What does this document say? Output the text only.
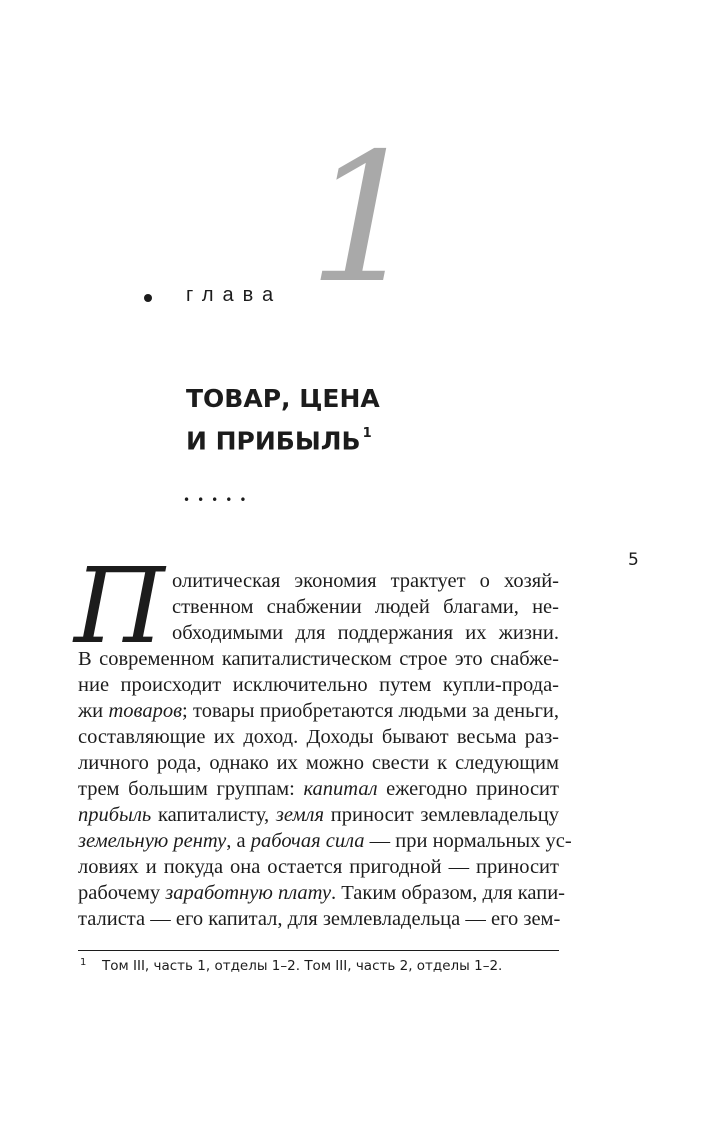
1
глава
ТОВАР, ЦЕНА
И ПРИБЫЛЬ $^1$
•••••
5
П олитическая экономия трактует о хозяй-
ственном снабжении людей благами, не-
обходимыми для поддержания их жизни.
В современном капиталистическом строе это снабже-
ние происходит исключительно путем купли-прода-
жи товаров; товары приобретаются людьми за деньги,
составляющие их доход. Доходы бывают весьма раз-
личного рода, однако их можно свести к следующим
трем большим группам: капитал ежегодно приносит
прибыль капиталисту, земля приносит землевладельцу
земельную ренту, а рабочая сила — при нормальных ус-
ловиях и покуда она остается пригодной — приносит
рабочему заработную плату. Таким образом, для капи-
талиста — его капитал, для землевладельца — его зем-
1 Том III, часть 1, отделы 1–2. Том III, часть 2, отделы 1–2.
